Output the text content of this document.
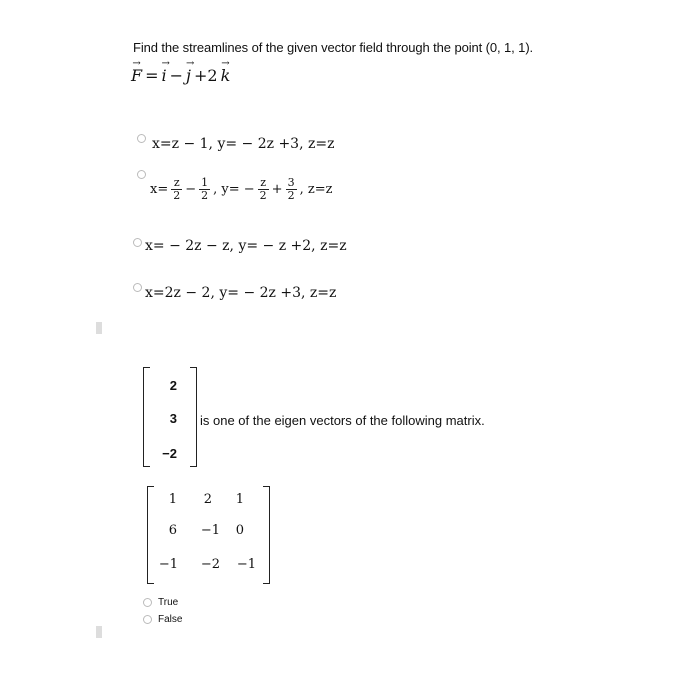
Find the streamlines of the given vector field through the point (0, 1, 1).
→
F =
→
i −
→
j +2
→
k
x=z − 1, y= − 2z +3, z=z
$x= \frac{z}{2} - \frac{1}{2}$ , $y= - \frac{z}{2} + \frac{3}{2}$ , z=z
x= − 2z − z, y= − z +2, z=z
x=2z − 2, y= − 2z +3, z=z
2
3
−2
is one of the eigen vectors of the following matrix.
1	2	1
6	−1	0
−1	−2	−1
True
False
